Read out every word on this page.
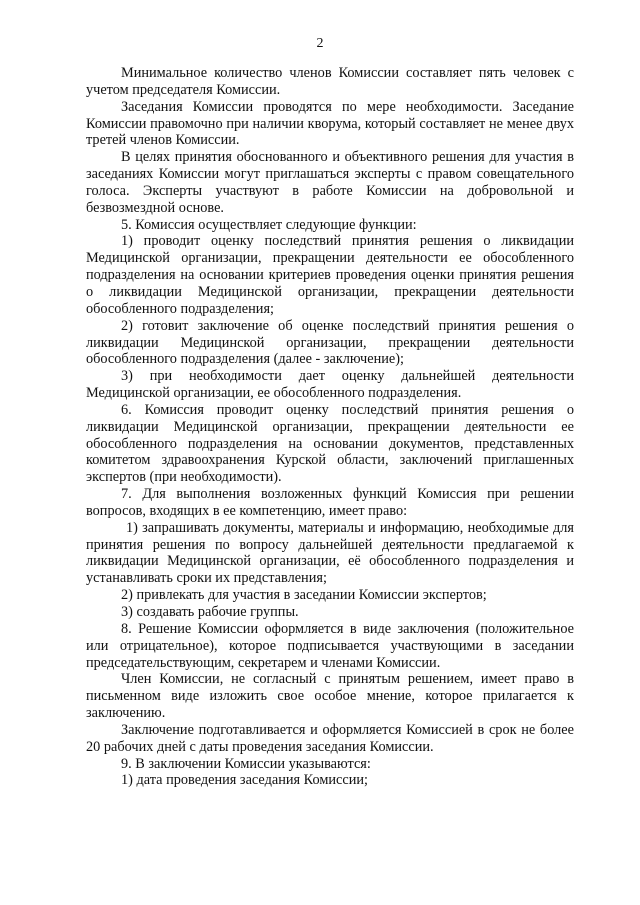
2

Минимальное количество членов Комиссии составляет пять человек с учетом председателя Комиссии.

Заседания Комиссии проводятся по мере необходимости. Заседание Комиссии правомочно при наличии кворума, который составляет не менее двух третей членов Комиссии.

В целях принятия обоснованного и объективного решения для участия в заседаниях Комиссии могут приглашаться эксперты с правом совещательного голоса. Эксперты участвуют в работе Комиссии на добровольной и безвозмездной основе.

5. Комиссия осуществляет следующие функции:

1) проводит оценку последствий принятия решения о ликвидации Медицинской организации, прекращении деятельности ее обособленного подразделения на основании критериев проведения оценки принятия решения о ликвидации Медицинской организации, прекращении деятельности обособленного подразделения;

2) готовит заключение об оценке последствий принятия решения о ликвидации Медицинской организации, прекращении деятельности обособленного подразделения (далее - заключение);

3) при необходимости дает оценку дальнейшей деятельности Медицинской организации, ее обособленного подразделения.

6. Комиссия проводит оценку последствий принятия решения о ликвидации Медицинской организации, прекращении деятельности ее обособленного подразделения на основании документов, представленных комитетом здравоохранения Курской области, заключений приглашенных экспертов (при необходимости).

7. Для выполнения возложенных функций Комиссия при решении вопросов, входящих в ее компетенцию, имеет право:

1) запрашивать документы, материалы и информацию, необходимые для принятия решения по вопросу дальнейшей деятельности предлагаемой к ликвидации Медицинской организации, её обособленного подразделения и устанавливать сроки их представления;

2) привлекать для участия в заседании Комиссии экспертов;

3) создавать рабочие группы.

8. Решение Комиссии оформляется в виде заключения (положительное или отрицательное), которое подписывается участвующими в заседании председательствующим, секретарем и членами Комиссии.

Член Комиссии, не согласный с принятым решением, имеет право в письменном виде изложить свое особое мнение, которое прилагается к заключению.

Заключение подготавливается и оформляется Комиссией в срок не более 20 рабочих дней с даты проведения заседания Комиссии.

9. В заключении Комиссии указываются:

1) дата проведения заседания Комиссии;
